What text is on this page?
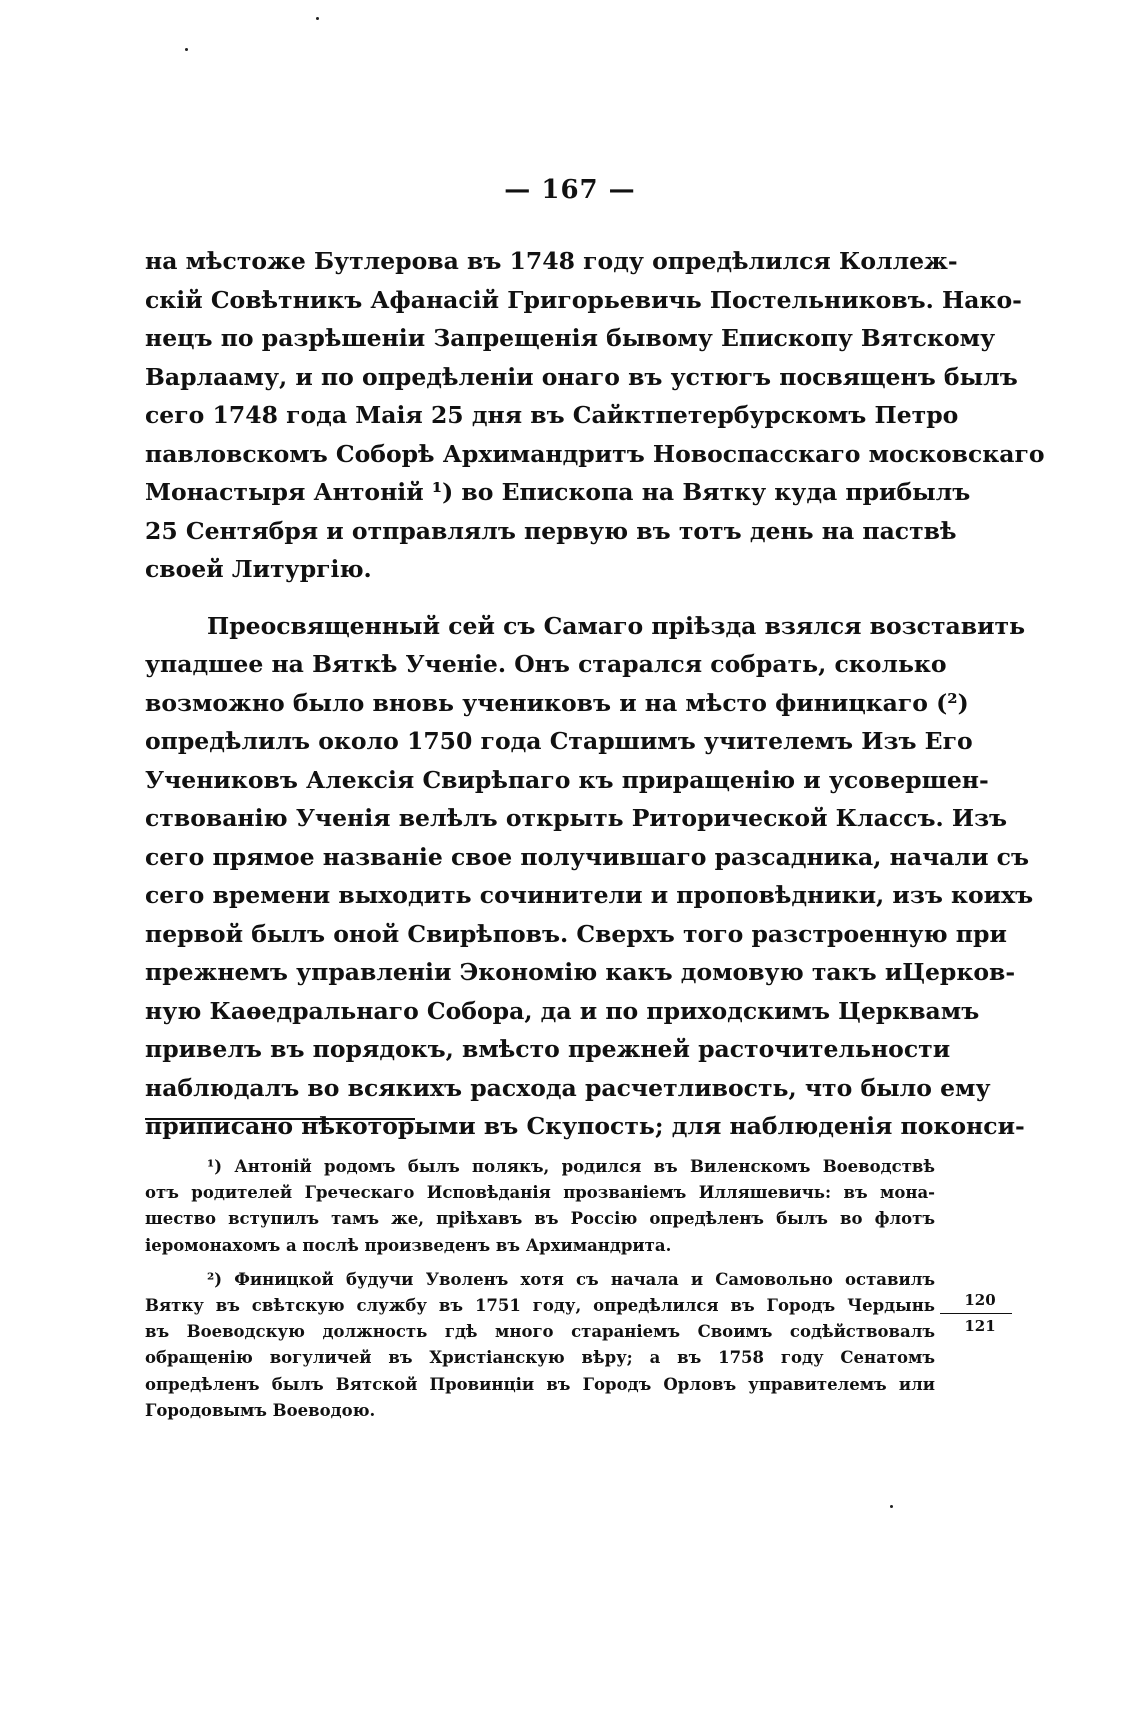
— 167 —
на мѣстоже Бутлерова въ 1748 году опредѣлился Коллеж-
скій Совѣтникъ Афанасій Григорьевичь Постельниковъ. Нако-
нецъ по разрѣшеніи Запрещенія бывому Епископу Вятскому
Варлааму, и по опредѣленіи онаго въ устюгъ посвященъ былъ
сего 1748 года Маія 25 дня въ Сайктпетербурскомъ Петро
павловскомъ Соборѣ Архимандритъ Новоспасскаго московскаго
Монастыря Антоній ¹) во Епископа на Вятку куда прибылъ
25 Сентября и отправлялъ первую въ тотъ день на паствѣ
своей Литургію.
Преосвященный сей съ Самаго пріѣзда взялся возставить
упадшее на Вяткѣ Ученіе. Онъ старался собрать, сколько
возможно было вновь учениковъ и на мѣсто финицкаго (²)
опредѣлилъ около 1750 года Старшимъ учителемъ Изъ Его
Учениковъ Алексія Свирѣпаго къ приращенію и усовершен-
ствованію Ученія велѣлъ открыть Риторической Классъ. Изъ
сего прямое названіе свое получившаго разсадника, начали съ
сего времени выходить сочинители и проповѣдники, изъ коихъ
первой былъ оной Свирѣповъ. Сверхъ того разстроенную при
прежнемъ управленіи Экономію какъ домовую такъ иЦерков-
ную Каѳедральнаго Собора, да и по приходскимъ Церквамъ
привелъ въ порядокъ, вмѣсто прежней расточительности
наблюдалъ во всякихъ расхода расчетливость, что было ему
приписано нѣкоторыми въ Скупость; для наблюденія поконси-
¹) Антоній родомъ былъ полякъ, родился въ Виленскомъ Воеводствѣ
отъ родителей Греческаго Исповѣданія прозваніемъ Илляшевичь: въ мона-
шество вступилъ тамъ же, пріѣхавъ въ Россію опредѣленъ былъ во флотъ
іеромонахомъ а послѣ произведенъ въ Архимандрита.
²) Финицкой будучи Уволенъ хотя съ начала и Самовольно оставилъ
Вятку въ свѣтскую службу въ 1751 году, опредѣлился въ Городъ Чердынь
въ Воеводскую должность гдѣ много стараніемъ Своимъ содѣйствовалъ
обращенію вогуличей въ Христіанскую вѣру; а въ 1758 году Сенатомъ
опредѣленъ былъ Вятской Провинціи въ Городъ Орловъ управителемъ или
Городовымъ Воеводою.
120
121
